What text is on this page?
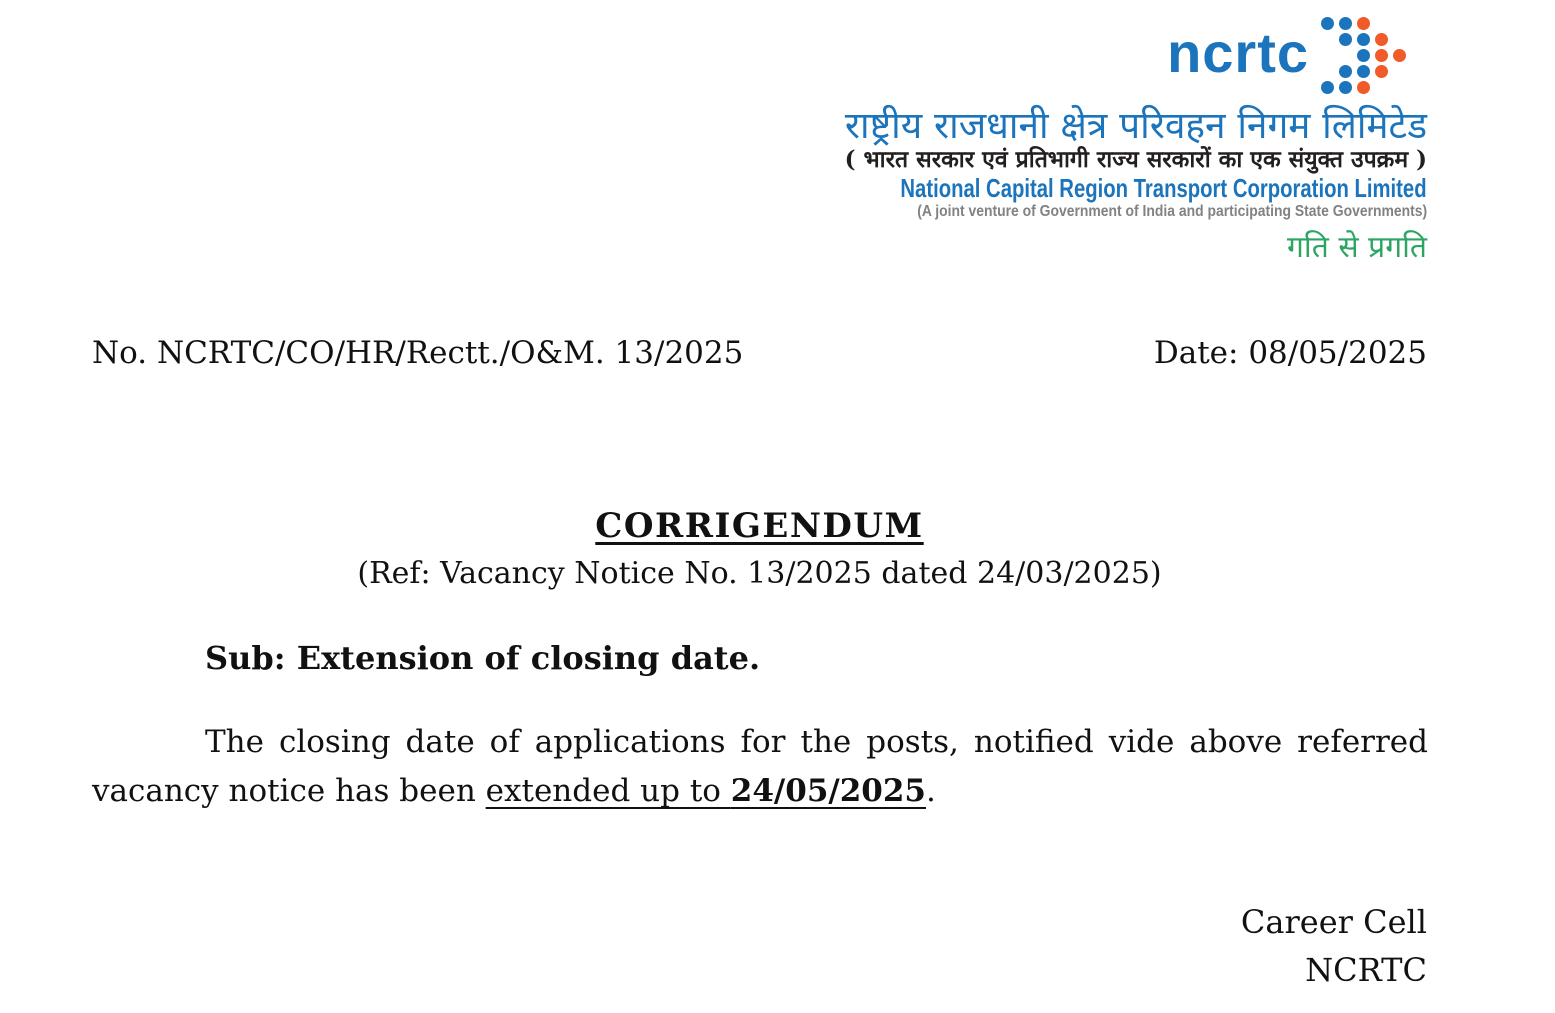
ncrtc
राष्ट्रीय राजधानी क्षेत्र परिवहन निगम लिमिटेड
( भारत सरकार एवं प्रतिभागी राज्य सरकारों का एक संयुक्त उपक्रम )
National Capital Region Transport Corporation Limited
(A joint venture of Government of India and participating State Governments)
गति से प्रगति
No. NCRTC/CO/HR/Rectt./O&M. 13/2025	Date: 08/05/2025
CORRIGENDUM
(Ref: Vacancy Notice No. 13/2025 dated 24/03/2025)
Sub: Extension of closing date.
The closing date of applications for the posts, notified vide above referred
vacancy notice has been extended up to 24/05/2025.
Career Cell
NCRTC
